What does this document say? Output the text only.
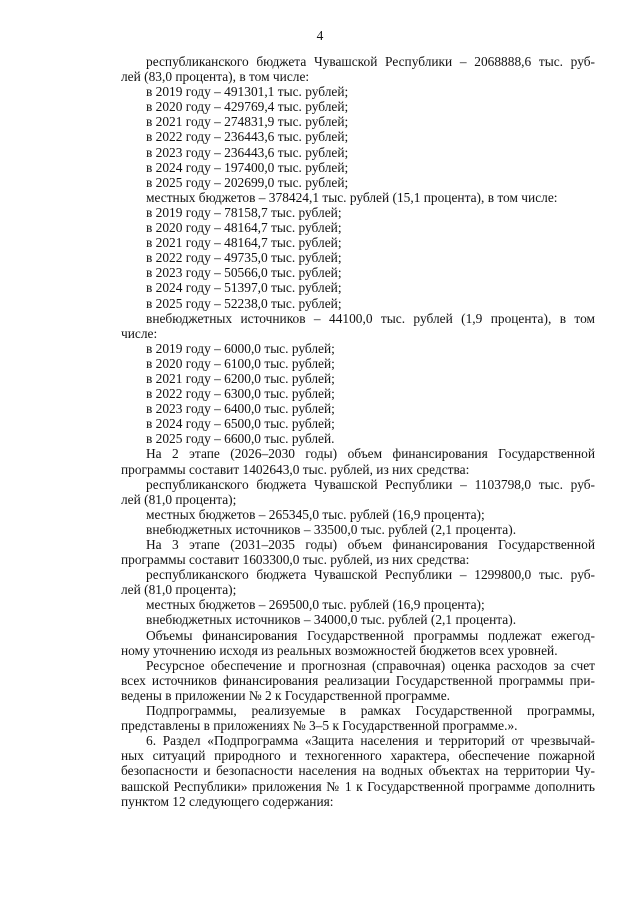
4
республиканского бюджета Чувашской Республики – 2068888,6 тыс. руб-
лей (83,0 процента), в том числе:
в 2019 году – 491301,1 тыс. рублей;
в 2020 году – 429769,4 тыс. рублей;
в 2021 году – 274831,9 тыс. рублей;
в 2022 году – 236443,6 тыс. рублей;
в 2023 году – 236443,6 тыс. рублей;
в 2024 году – 197400,0 тыс. рублей;
в 2025 году – 202699,0 тыс. рублей;
местных бюджетов – 378424,1 тыс. рублей (15,1 процента), в том числе:
в 2019 году – 78158,7 тыс. рублей;
в 2020 году – 48164,7 тыс. рублей;
в 2021 году – 48164,7 тыс. рублей;
в 2022 году – 49735,0 тыс. рублей;
в 2023 году – 50566,0 тыс. рублей;
в 2024 году – 51397,0 тыс. рублей;
в 2025 году – 52238,0 тыс. рублей;
внебюджетных источников – 44100,0 тыс. рублей (1,9 процента), в том
числе:
в 2019 году – 6000,0 тыс. рублей;
в 2020 году – 6100,0 тыс. рублей;
в 2021 году – 6200,0 тыс. рублей;
в 2022 году – 6300,0 тыс. рублей;
в 2023 году – 6400,0 тыс. рублей;
в 2024 году – 6500,0 тыс. рублей;
в 2025 году – 6600,0 тыс. рублей.
На 2 этапе (2026–2030 годы) объем финансирования Государственной
программы составит 1402643,0 тыс. рублей, из них средства:
республиканского бюджета Чувашской Республики – 1103798,0 тыс. руб-
лей (81,0 процента);
местных бюджетов – 265345,0 тыс. рублей (16,9 процента);
внебюджетных источников – 33500,0 тыс. рублей (2,1 процента).
На 3 этапе (2031–2035 годы) объем финансирования Государственной
программы составит 1603300,0 тыс. рублей, из них средства:
республиканского бюджета Чувашской Республики – 1299800,0 тыс. руб-
лей (81,0 процента);
местных бюджетов – 269500,0 тыс. рублей (16,9 процента);
внебюджетных источников – 34000,0 тыс. рублей (2,1 процента).
Объемы финансирования Государственной программы подлежат ежегод-
ному уточнению исходя из реальных возможностей бюджетов всех уровней.
Ресурсное обеспечение и прогнозная (справочная) оценка расходов за счет
всех источников финансирования реализации Государственной программы при-
ведены в приложении № 2 к Государственной программе.
Подпрограммы, реализуемые в рамках Государственной программы,
представлены в приложениях № 3–5 к Государственной программе.».
6. Раздел «Подпрограмма «Защита населения и территорий от чрезвычай-
ных ситуаций природного и техногенного характера, обеспечение пожарной
безопасности и безопасности населения на водных объектах на территории Чу-
вашской Республики» приложения № 1 к Государственной программе дополнить
пунктом 12 следующего содержания:
